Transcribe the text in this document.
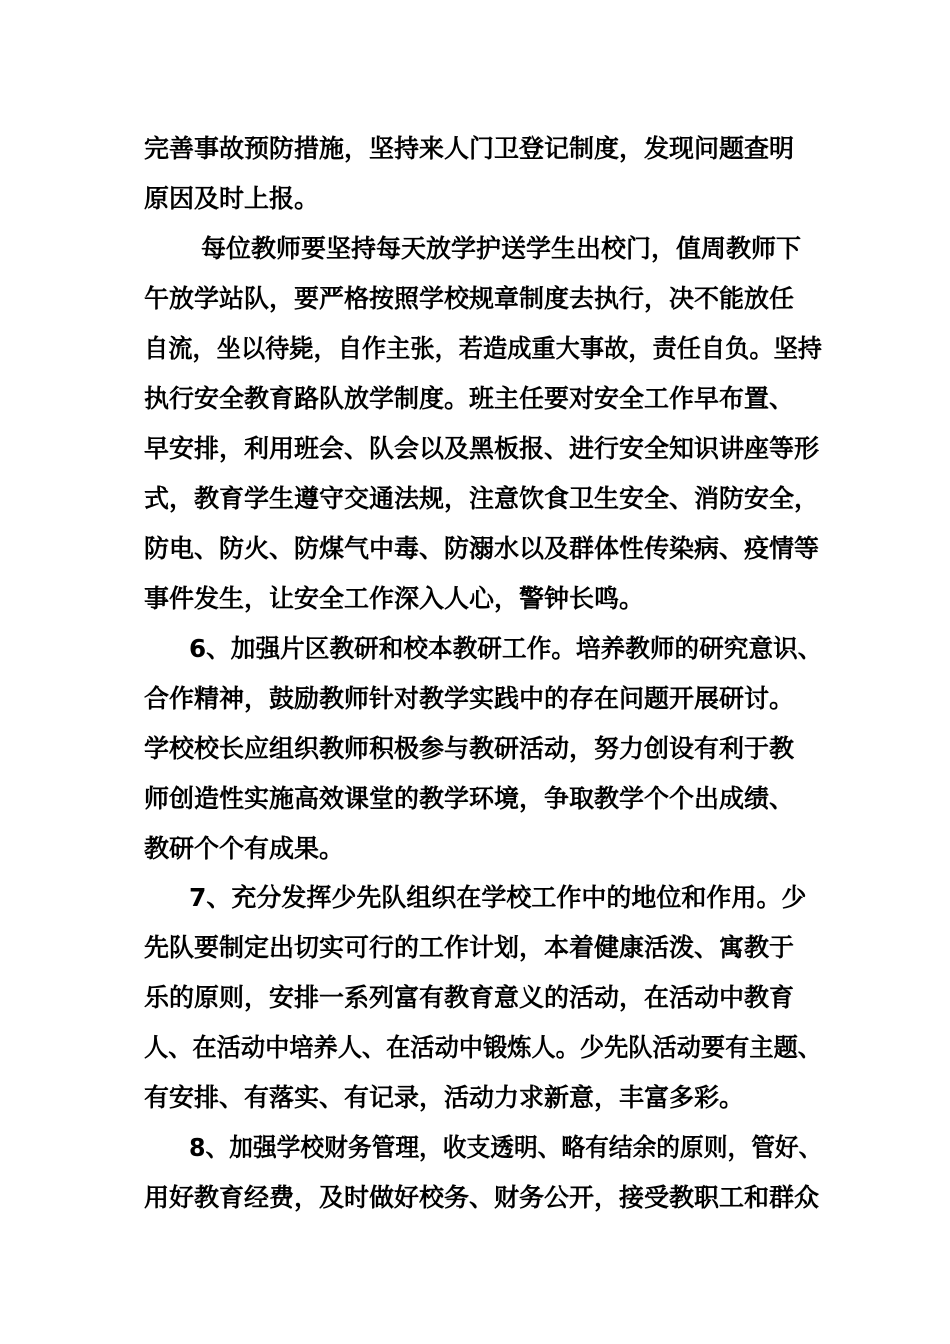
完善事故预防措施，坚持来人门卫登记制度，发现问题查明
原因及时上报。
每位教师要坚持每天放学护送学生出校门，值周教师下
午放学站队，要严格按照学校规章制度去执行，决不能放任
自流，坐以待毙，自作主张，若造成重大事故，责任自负。坚持
执行安全教育路队放学制度。班主任要对安全工作早布置、
早安排，利用班会、队会以及黑板报、进行安全知识讲座等形
式，教育学生遵守交通法规，注意饮食卫生安全、消防安全，
防电、防火、防煤气中毒、防溺水以及群体性传染病、疫情等
事件发生，让安全工作深入人心，警钟长鸣。
6、加强片区教研和校本教研工作。培养教师的研究意识、
合作精神，鼓励教师针对教学实践中的存在问题开展研讨。
学校校长应组织教师积极参与教研活动，努力创设有利于教
师创造性实施高效课堂的教学环境，争取教学个个出成绩、
教研个个有成果。
7、充分发挥少先队组织在学校工作中的地位和作用。少
先队要制定出切实可行的工作计划，本着健康活泼、寓教于
乐的原则，安排一系列富有教育意义的活动，在活动中教育
人、在活动中培养人、在活动中锻炼人。少先队活动要有主题、
有安排、有落实、有记录，活动力求新意，丰富多彩。
8、加强学校财务管理，收支透明、略有结余的原则，管好、
用好教育经费，及时做好校务、财务公开，接受教职工和群众
